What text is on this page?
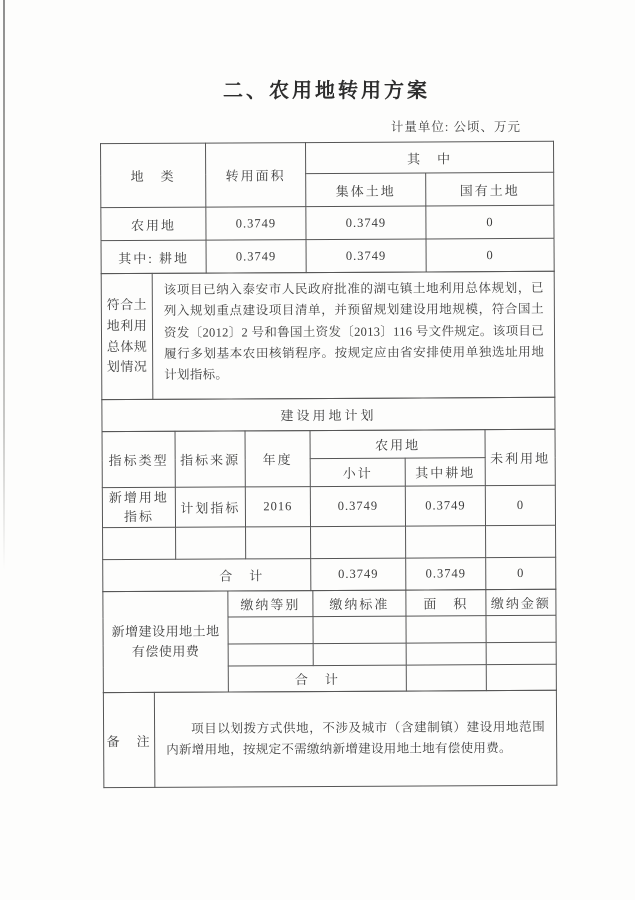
二、农用地转用方案
计量单位: 公顷、万元
地　类	转用面积	其　中	
		集体土地	国有土地
农用地	0.3749	0.3749	0
其中: 耕地	0.3749	0.3749	0
符合土地利用总体规划情况
	该项目已纳入泰安市人民政府批准的湖屯镇土地利用总体规划，已列入规划重点建设项目清单，并预留规划建设用地规模，符合国土资发〔2012〕2 号和鲁国土资发〔2013〕116 号文件规定。该项目已履行多划基本农田核销程序。按规定应由省安排使用单独选址用地计划指标。
建设用地计划
指标类型	指标来源	年度	农用地		未利用地
			小计	其中耕地	

新增用地指标	计划指标	2016	0.3749	0.3749	0

合　计			0.3749	0.3749	0
新增建设用地土地有偿使用费	缴纳等别	缴纳标准	面　积	缴纳金额

	合　计			
备　注	项目以划拨方式供地，不涉及城市（含建制镇）建设用地范围内新增用地，按规定不需缴纳新增建设用地土地有偿使用费。
